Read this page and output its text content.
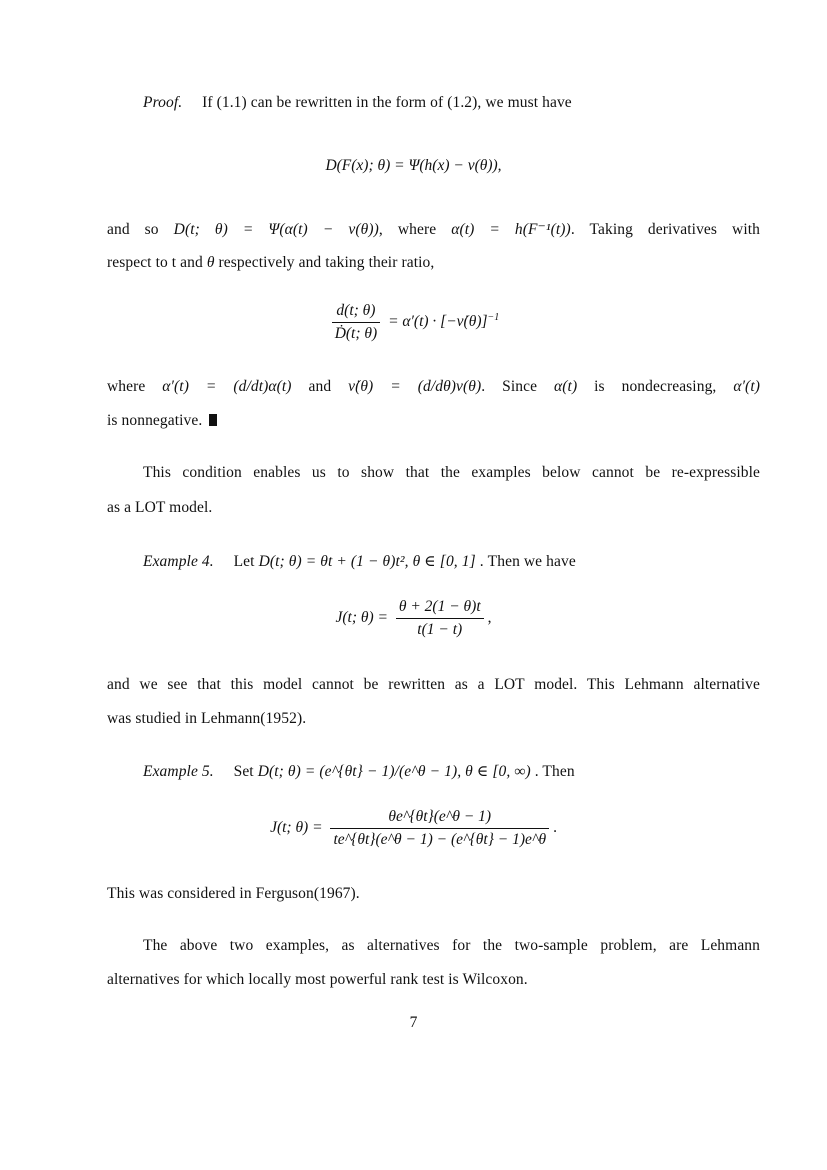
Proof. If (1.1) can be rewritten in the form of (1.2), we must have
D(F(x); θ) = Ψ(h(x) − ν(θ)),
and so D(t; θ) = Ψ(α(t) − ν(θ)), where α(t) = h(F⁻¹(t)). Taking derivatives with
respect to t and θ respectively and taking their ratio,
$\frac{d(t; \theta)}{\text{Ḋ(t; θ)}} = \alpha'(t)$ · [−ν̇(θ)]$^{-1}$
where α′(t) = (d/dt)α(t) and ν̇(θ) = (d/dθ)ν(θ). Since α(t) is nondecreasing, α′(t)
is nonnegative.
This condition enables us to show that the examples below cannot be re-expressible
as a LOT model.
Example 4. Let D(t; θ) = θt + (1 − θ)t², θ ∈ [0, 1] . Then we have
J(t; $\theta) = \frac{\theta + 2(1 - \theta)t}{t(1 - t)}$ ,
and we see that this model cannot be rewritten as a LOT model. This Lehmann alternative
was studied in Lehmann(1952).
Example 5. Set D(t; θ) = (e^{θt} − 1)/(e^θ − 1), θ ∈ [0, ∞) . Then
J(t; $\theta) = \frac{\theta e\^{}\{\theta t\}(e\^{}\theta - 1)}{te\^{}\{\theta t\}(e\^{}\theta - 1) - (e\^{}\{\theta t\} - 1)e\^{}\theta}$ .
This was considered in Ferguson(1967).
The above two examples, as alternatives for the two-sample problem, are Lehmann
alternatives for which locally most powerful rank test is Wilcoxon.
7
